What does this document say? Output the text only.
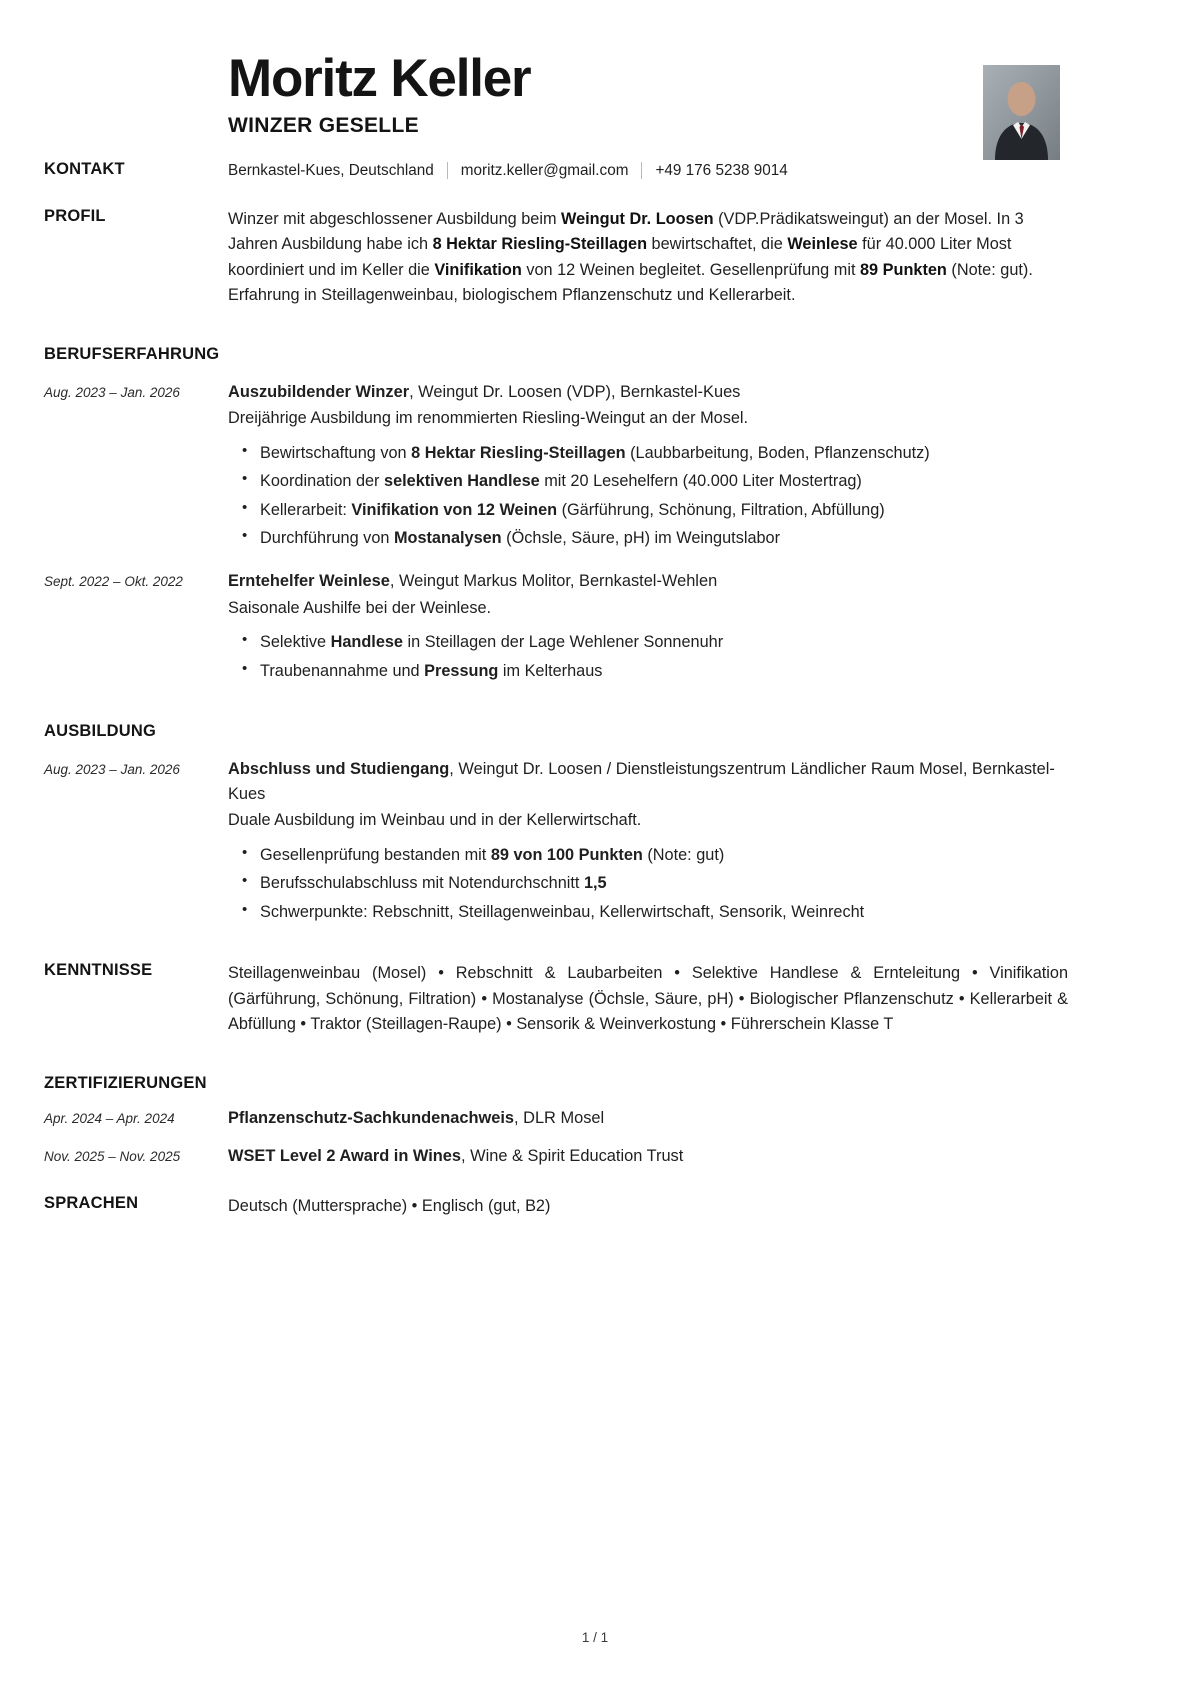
Moritz Keller
WINZER GESELLE
KONTAKT	Bernkastel-Kues, Deutschland moritz.keller@gmail.com +49 176 5238 9014
PROFIL	Winzer mit abgeschlossener Ausbildung beim Weingut Dr. Loosen (VDP.Prädikatsweingut) an der Mosel. In 3 Jahren Ausbildung habe ich 8 Hektar Riesling-Steillagen bewirtschaftet, die Weinlese für 40.000 Liter Most koordiniert und im Keller die Vinifikation von 12 Weinen begleitet. Gesellenprüfung mit 89 Punkten (Note: gut). Erfahrung in Steillagenweinbau, biologischem Pflanzenschutz und Kellerarbeit.
BERUFSERFAHRUNG
Aug. 2023 – Jan. 2026	Auszubildender Winzer, Weingut Dr. Loosen (VDP), Bernkastel-Kues
Dreijährige Ausbildung im renommierten Riesling-Weingut an der Mosel.
• Bewirtschaftung von 8 Hektar Riesling-Steillagen (Laubbarbeitung, Boden, Pflanzenschutz)
• Koordination der selektiven Handlese mit 20 Lesehelfern (40.000 Liter Mostertrag)
• Kellerarbeit: Vinifikation von 12 Weinen (Gärführung, Schönung, Filtration, Abfüllung)
• Durchführung von Mostanalysen (Öchsle, Säure, pH) im Weingutslabor
Sept. 2022 – Okt. 2022	Erntehelfer Weinlese, Weingut Markus Molitor, Bernkastel-Wehlen
Saisonale Aushilfe bei der Weinlese.
• Selektive Handlese in Steillagen der Lage Wehlener Sonnenuhr
• Traubenannahme und Pressung im Kelterhaus
AUSBILDUNG
Aug. 2023 – Jan. 2026	Abschluss und Studiengang, Weingut Dr. Loosen / Dienstleistungszentrum Ländlicher Raum Mosel, Bernkastel-Kues
Duale Ausbildung im Weinbau und in der Kellerwirtschaft.
• Gesellenprüfung bestanden mit 89 von 100 Punkten (Note: gut)
• Berufsschulabschluss mit Notendurchschnitt 1,5
• Schwerpunkte: Rebschnitt, Steillagenweinbau, Kellerwirtschaft, Sensorik, Weinrecht
KENNTNISSE	Steillagenweinbau (Mosel) • Rebschnitt & Laubarbeiten • Selektive Handlese & Ernteleitung • Vinifikation (Gärführung, Schönung, Filtration) • Mostanalyse (Öchsle, Säure, pH) • Biologischer Pflanzenschutz • Kellerarbeit & Abfüllung • Traktor (Steillagen-Raupe) • Sensorik & Weinverkostung • Führerschein Klasse T
ZERTIFIZIERUNGEN
Apr. 2024 – Apr. 2024	Pflanzenschutz-Sachkundenachweis, DLR Mosel
Nov. 2025 – Nov. 2025	WSET Level 2 Award in Wines, Wine & Spirit Education Trust
SPRACHEN	Deutsch (Muttersprache) • Englisch (gut, B2)
1 / 1
